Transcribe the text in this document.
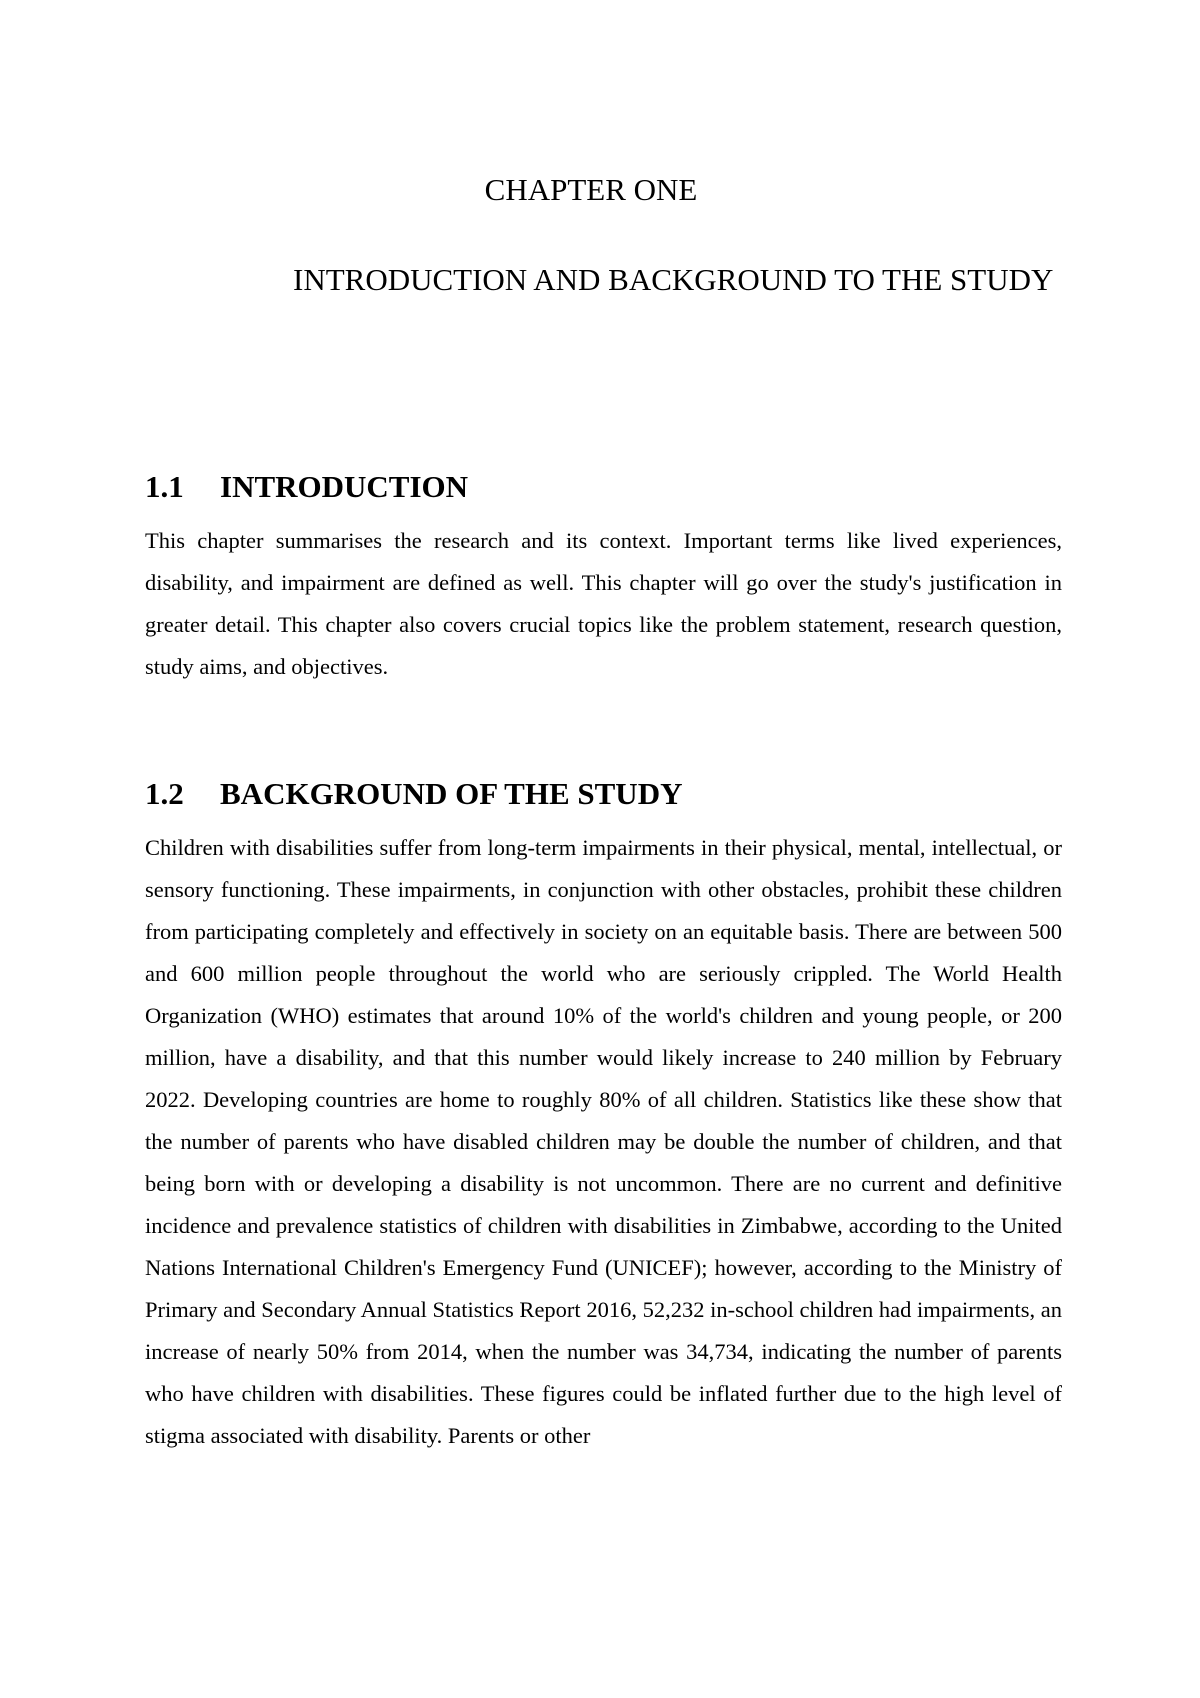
CHAPTER ONE
INTRODUCTION AND BACKGROUND TO THE STUDY
1.1 INTRODUCTION

This chapter summarises the research and its context. Important terms like lived experiences, disability, and impairment are defined as well. This chapter will go over the study's justification in greater detail. This chapter also covers crucial topics like the problem statement, research question, study aims, and objectives.

1.2 BACKGROUND OF THE STUDY

Children with disabilities suffer from long-term impairments in their physical, mental, intellectual, or sensory functioning. These impairments, in conjunction with other obstacles, prohibit these children from participating completely and effectively in society on an equitable basis. There are between 500 and 600 million people throughout the world who are seriously crippled. The World Health Organization (WHO) estimates that around 10% of the world's children and young people, or 200 million, have a disability, and that this number would likely increase to 240 million by February 2022. Developing countries are home to roughly 80% of all children. Statistics like these show that the number of parents who have disabled children may be double the number of children, and that being born with or developing a disability is not uncommon. There are no current and definitive incidence and prevalence statistics of children with disabilities in Zimbabwe, according to the United Nations International Children's Emergency Fund (UNICEF); however, according to the Ministry of Primary and Secondary Annual Statistics Report 2016, 52,232 in-school children had impairments, an increase of nearly 50% from 2014, when the number was 34,734, indicating the number of parents who have children with disabilities. These figures could be inflated further due to the high level of stigma associated with disability. Parents or other
